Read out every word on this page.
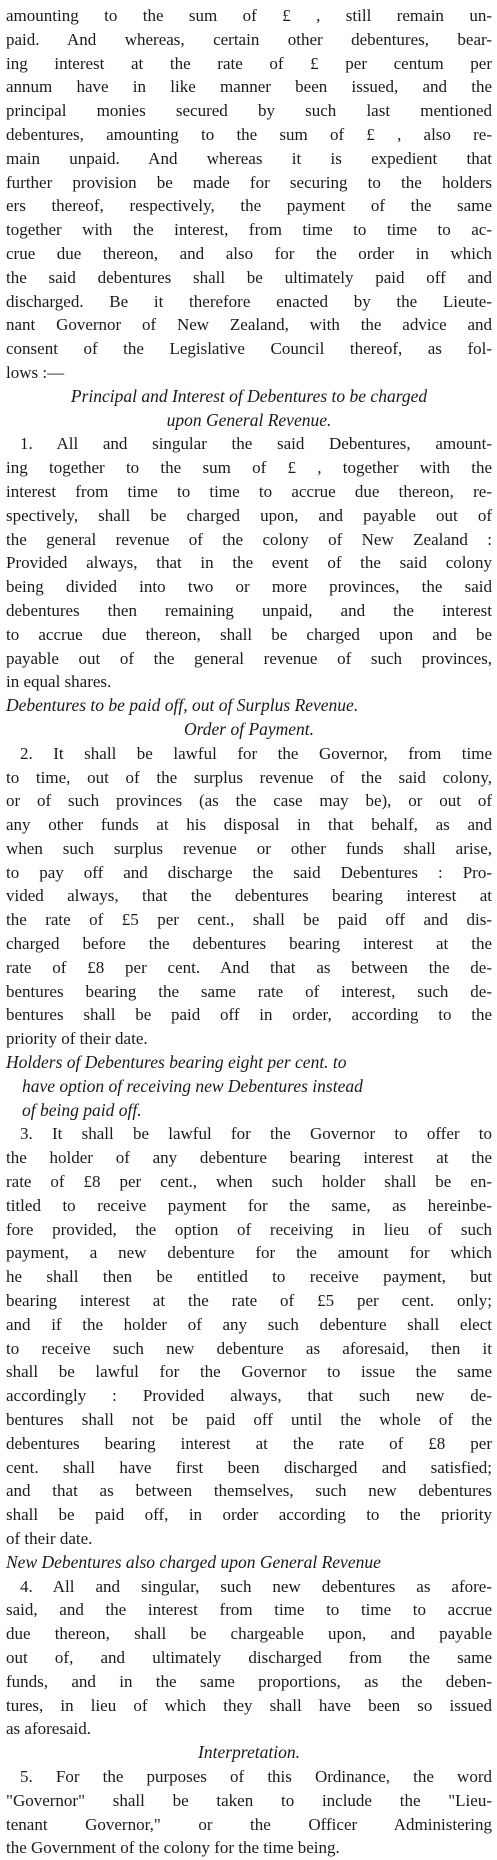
amounting to the sum of £ , still remain un-
paid. And whereas, certain other debentures, bear-
ing interest at the rate of £ per centum per
annum have in like manner been issued, and the
principal monies secured by such last mentioned
debentures, amounting to the sum of £ , also re-
main unpaid. And whereas it is expedient that
further provision be made for securing to the holders
ers thereof, respectively, the payment of the same
together with the interest, from time to time to ac-
crue due thereon, and also for the order in which
the said debentures shall be ultimately paid off and
discharged. Be it therefore enacted by the Lieute-
nant Governor of New Zealand, with the advice and
consent of the Legislative Council thereof, as fol-
lows :—
Principal and Interest of Debentures to be charged
upon General Revenue.
1. All and singular the said Debentures, amount-
ing together to the sum of £ , together with the
interest from time to time to accrue due thereon, re-
spectively, shall be charged upon, and payable out of
the general revenue of the colony of New Zealand :
Provided always, that in the event of the said colony
being divided into two or more provinces, the said
debentures then remaining unpaid, and the interest
to accrue due thereon, shall be charged upon and be
payable out of the general revenue of such provinces,
in equal shares.
Debentures to be paid off, out of Surplus Revenue.
Order of Payment.
2. It shall be lawful for the Governor, from time
to time, out of the surplus revenue of the said colony,
or of such provinces (as the case may be), or out of
any other funds at his disposal in that behalf, as and
when such surplus revenue or other funds shall arise,
to pay off and discharge the said Debentures : Pro-
vided always, that the debentures bearing interest at
the rate of £5 per cent., shall be paid off and dis-
charged before the debentures bearing interest at the
rate of £8 per cent. And that as between the de-
bentures bearing the same rate of interest, such de-
bentures shall be paid off in order, according to the
priority of their date.
Holders of Debentures bearing eight per cent. to
have option of receiving new Debentures instead
of being paid off.
3. It shall be lawful for the Governor to offer to
the holder of any debenture bearing interest at the
rate of £8 per cent., when such holder shall be en-
titled to receive payment for the same, as hereinbe-
fore provided, the option of receiving in lieu of such
payment, a new debenture for the amount for which
he shall then be entitled to receive payment, but
bearing interest at the rate of £5 per cent. only;
and if the holder of any such debenture shall elect
to receive such new debenture as aforesaid, then it
shall be lawful for the Governor to issue the same
accordingly : Provided always, that such new de-
bentures shall not be paid off until the whole of the
debentures bearing interest at the rate of £8 per
cent. shall have first been discharged and satisfied;
and that as between themselves, such new debentures
shall be paid off, in order according to the priority
of their date.
New Debentures also charged upon General Revenue
4. All and singular, such new debentures as afore-
said, and the interest from time to time to accrue
due thereon, shall be chargeable upon, and payable
out of, and ultimately discharged from the same
funds, and in the same proportions, as the deben-
tures, in lieu of which they shall have been so issued
as aforesaid.
Interpretation.
5. For the purposes of this Ordinance, the word
"Governor" shall be taken to include the "Lieu-
tenant Governor," or the Officer Administering
the Government of the colony for the time being.
